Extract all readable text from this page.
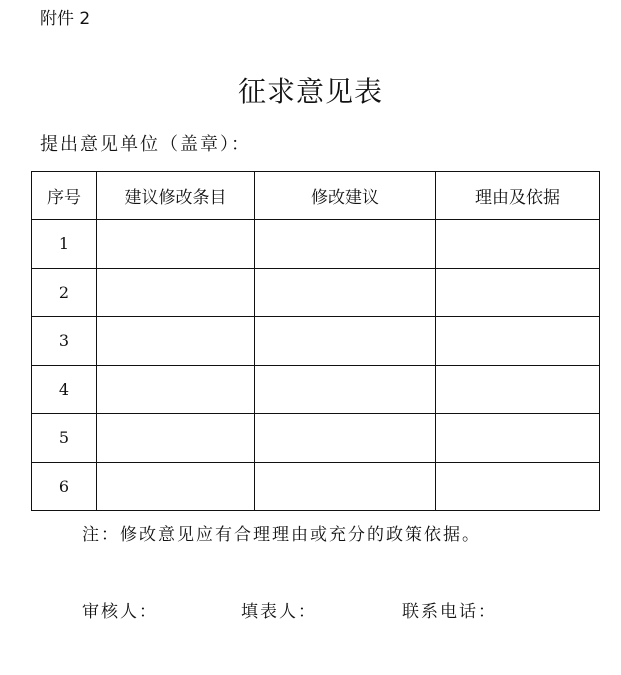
附件 2
征求意见表
提出意见单位（盖章）：
序号	建议修改条目	修改建议	理由及依据
1			
2			
3			
4			
5			
6			
注：修改意见应有合理理由或充分的政策依据。
审核人：	填表人：	联系电话：
